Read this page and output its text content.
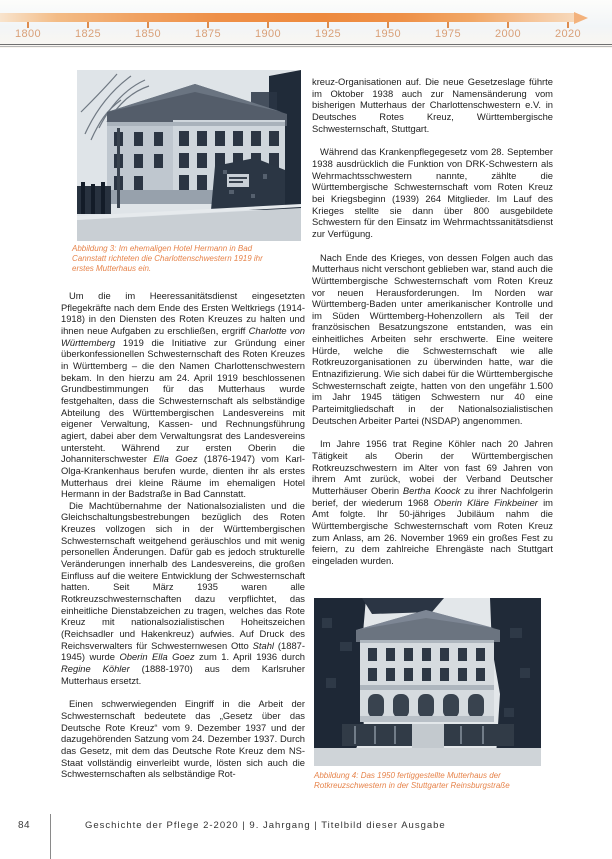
1800	1825	1850	1875	1900	1925	1950	1975	2000	2020
Abbildung 3: Im ehemaligen Hotel Hermann in Bad Cannstatt richteten die Charlottenschwestern 1919 ihr erstes Mutterhaus ein.

Um die im Heeressanitätsdienst eingesetzten Pflegekräfte nach dem Ende des Ersten Weltkriegs (1914-1918) in den Diensten des Roten Kreuzes zu halten und ihnen neue Aufgaben zu erschließen, ergriff Charlotte von Württemberg 1919 die Initiative zur Gründung einer überkonfessionellen Schwesternschaft des Roten Kreuzes in Württemberg – die den Namen Charlottenschwestern bekam. In den hierzu am 24. April 1919 beschlossenen Grundbestimmungen für das Mutterhaus wurde festgehalten, dass die Schwesternschaft als selbständige Abteilung des Württembergischen Landesvereins mit eigener Verwaltung, Kassen- und Rechnungsführung agiert, dabei aber dem Verwaltungsrat des Landesvereins untersteht. Während zur ersten Oberin die Johanniterschwester Ella Goez (1876-1947) vom Karl-Olga-Krankenhaus berufen wurde, dienten ihr als erstes Mutterhaus drei kleine Räume im ehemaligen Hotel Hermann in der Badstraße in Bad Cannstatt.

Die Machtübernahme der Nationalsozialisten und die Gleichschaltungsbestrebungen bezüglich des Roten Kreuzes vollzogen sich in der Württembergischen Schwesternschaft weitgehend geräuschlos und mit wenig personellen Änderungen. Dafür gab es jedoch strukturelle Veränderungen innerhalb des Landesvereins, die großen Einfluss auf die weitere Entwicklung der Schwesternschaft hatten. Seit März 1935 waren alle Rotkreuzschwesternschaften dazu verpflichtet, das einheitliche Dienstabzeichen zu tragen, welches das Rote Kreuz mit nationalsozialistischen Hoheitszeichen (Reichsadler und Hakenkreuz) aufwies. Auf Druck des Reichsverwalters für Schwesternwesen Otto Stahl (1887-1945) wurde Oberin Ella Goez zum 1. April 1936 durch Regine Köhler (1888-1970) aus dem Karlsruher Mutterhaus ersetzt.

Einen schwerwiegenden Eingriff in die Arbeit der Schwesternschaft bedeutete das „Gesetz über das Deutsche Rote Kreuz“ vom 9. Dezember 1937 und der dazugehörenden Satzung vom 24. Dezember 1937. Durch das Gesetz, mit dem das Deutsche Rote Kreuz dem NS-Staat vollständig einverleibt wurde, lösten sich auch die Schwesternschaften als selbständige Rot-

kreuz-Organisationen auf. Die neue Gesetzeslage führte im Oktober 1938 auch zur Namensänderung vom bisherigen Mutterhaus der Charlottenschwestern e.V. in Deutsches Rotes Kreuz, Württembergische Schwesternschaft, Stuttgart.

Während das Krankenpflegegesetz vom 28. September 1938 ausdrücklich die Funktion von DRK-Schwestern als Wehrmachtsschwestern nannte, zählte die Württembergische Schwesternschaft vom Roten Kreuz bei Kriegsbeginn (1939) 264 Mitglieder. Im Lauf des Krieges stellte sie dann über 800 ausgebildete Schwestern für den Einsatz im Wehrmachtssanitätsdienst zur Verfügung.

Nach Ende des Krieges, von dessen Folgen auch das Mutterhaus nicht verschont geblieben war, stand auch die Württembergische Schwesternschaft vom Roten Kreuz vor neuen Herausforderungen. Im Norden war Württemberg-Baden unter amerikanischer Kontrolle und im Süden Württemberg-Hohenzollern als Teil der französischen Besatzungszone entstanden, was ein einheitliches Arbeiten sehr erschwerte. Eine weitere Hürde, welche die Schwesternschaft wie alle Rotkreuzorganisationen zu überwinden hatte, war die Entnazifizierung. Wie sich dabei für die Württembergische Schwesternschaft zeigte, hatten von den ungefähr 1.500 im Jahr 1945 tätigen Schwestern nur 40 eine Parteimitgliedschaft in der Nationalsozialistischen Deutschen Arbeiter Partei (NSDAP) angenommen.

Im Jahre 1956 trat Regine Köhler nach 20 Jahren Tätigkeit als Oberin der Württembergischen Rotkreuzschwestern im Alter von fast 69 Jahren von ihrem Amt zurück, wobei der Verband Deutscher Mutterhäuser Oberin Bertha Koock zu ihrer Nachfolgerin berief, der wiederum 1968 Oberin Kläre Finkbeiner im Amt folgte. Ihr 50-jähriges Jubiläum nahm die Württembergische Schwesternschaft vom Roten Kreuz zum Anlass, am 26. November 1969 ein großes Fest zu feiern, zu dem zahlreiche Ehrengäste nach Stuttgart eingeladen wurden.

Abbildung 4: Das 1950 fertiggestellte Mutterhaus der Rotkreuzschwestern in der Stuttgarter Reinsburgstraße
84	Geschichte der Pflege 2-2020 | 9. Jahrgang | Titelbild dieser Ausgabe
